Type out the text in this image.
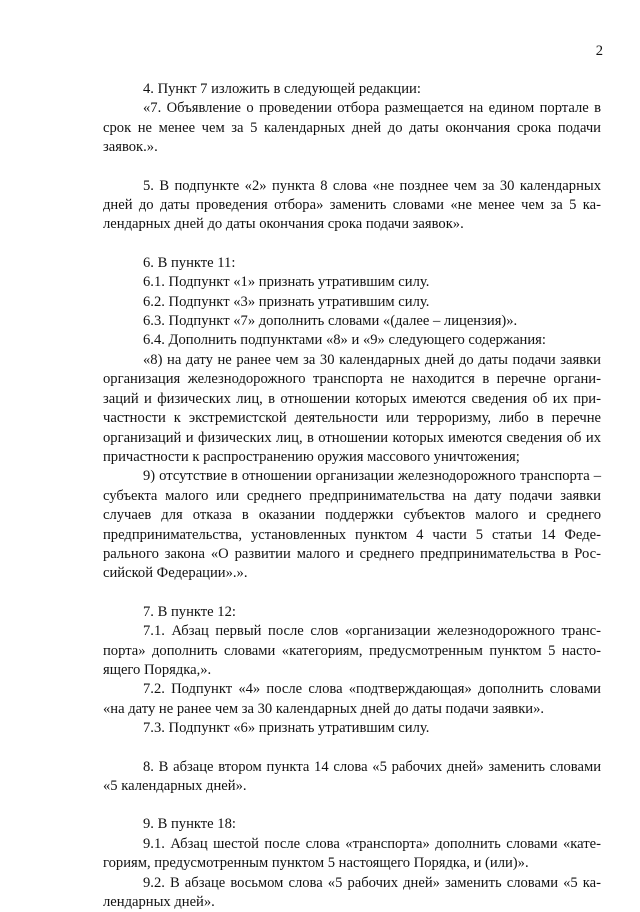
2

4. Пункт 7 изложить в следующей редакции:

«7. Объявление о проведении отбора размещается на едином портале в срок не менее чем за 5 календарных дней до даты окончания срока подачи заявок.».

5. В подпункте «2» пункта 8 слова «не позднее чем за 30 календарных дней до даты проведения отбора» заменить словами «не менее чем за 5 календарных дней до даты окончания срока подачи заявок».

6. В пункте 11:

6.1. Подпункт «1» признать утратившим силу.

6.2. Подпункт «3» признать утратившим силу.

6.3. Подпункт «7» дополнить словами «(далее – лицензия)».

6.4. Дополнить подпунктами «8» и «9» следующего содержания:

«8) на дату не ранее чем за 30 календарных дней до даты подачи заявки организация железнодорожного транспорта не находится в перечне организаций и физических лиц, в отношении которых имеются сведения об их причастности к экстремистской деятельности или терроризму, либо в перечне организаций и физических лиц, в отношении которых имеются сведения об их причастности к распространению оружия массового уничтожения;

9) отсутствие в отношении организации железнодорожного транспорта – субъекта малого или среднего предпринимательства на дату подачи заявки случаев для отказа в оказании поддержки субъектов малого и среднего предпринимательства, установленных пунктом 4 части 5 статьи 14 Федерального закона «О развитии малого и среднего предпринимательства в Российской Федерации».».

7. В пункте 12:

7.1. Абзац первый после слов «организации железнодорожного транспорта» дополнить словами «категориям, предусмотренным пунктом 5 настоящего Порядка,».

7.2. Подпункт «4» после слова «подтверждающая» дополнить словами «на дату не ранее чем за 30 календарных дней до даты подачи заявки».

7.3. Подпункт «6» признать утратившим силу.

8. В абзаце втором пункта 14 слова «5 рабочих дней» заменить словами «5 календарных дней».

9. В пункте 18:

9.1. Абзац шестой после слова «транспорта» дополнить словами «категориям, предусмотренным пунктом 5 настоящего Порядка, и (или)».

9.2. В абзаце восьмом слова «5 рабочих дней» заменить словами «5 календарных дней».
